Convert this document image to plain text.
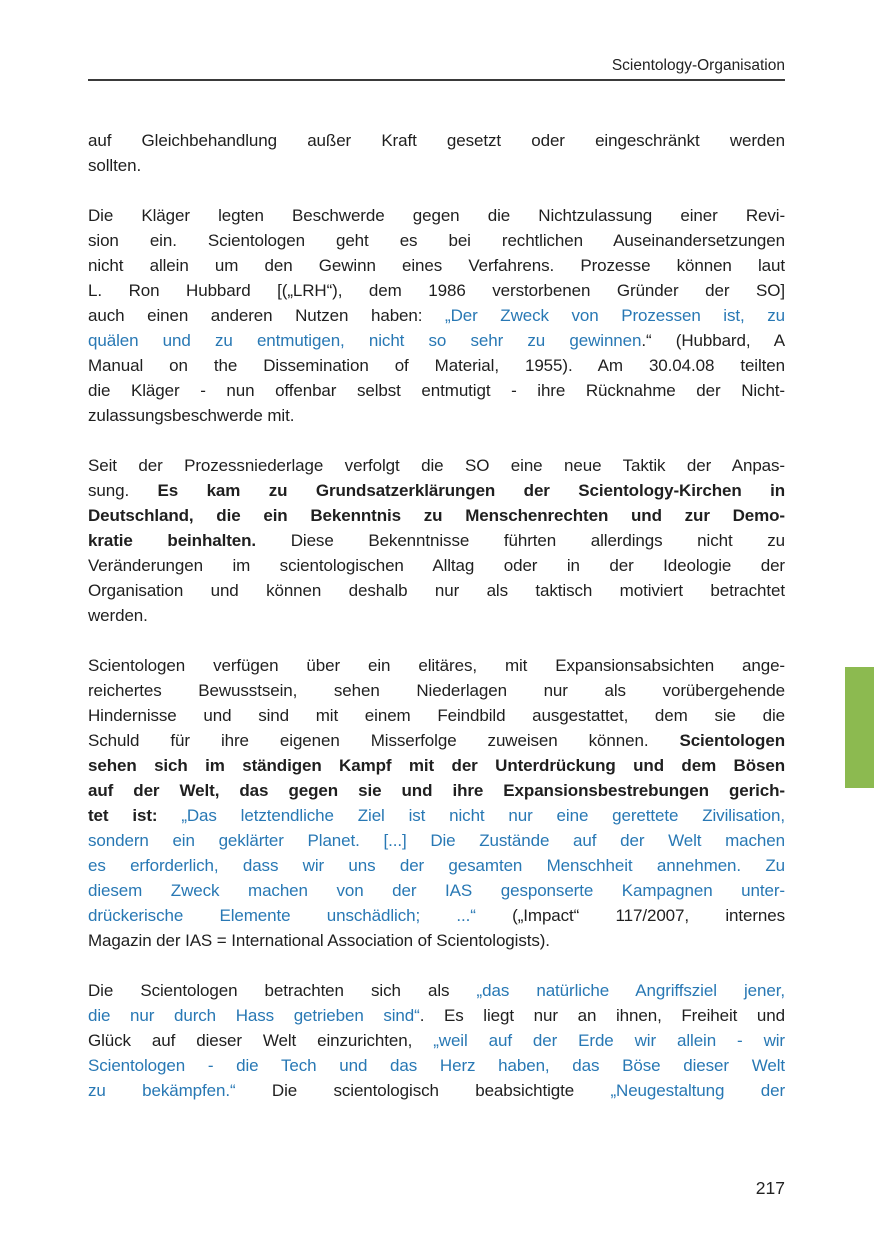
Scientology-Organisation
auf Gleichbehandlung außer Kraft gesetzt oder eingeschränkt werden
sollten.
Die Kläger legten Beschwerde gegen die Nichtzulassung einer Revi-
sion ein. Scientologen geht es bei rechtlichen Auseinandersetzungen
nicht allein um den Gewinn eines Verfahrens. Prozesse können laut
L. Ron Hubbard [(„LRH“), dem 1986 verstorbenen Gründer der SO]
auch einen anderen Nutzen haben: „Der Zweck von Prozessen ist, zu
quälen und zu entmutigen, nicht so sehr zu gewinnen.“ (Hubbard, A
Manual on the Dissemination of Material, 1955). Am 30.04.08 teilten
die Kläger - nun offenbar selbst entmutigt - ihre Rücknahme der Nicht-
zulassungsbeschwerde mit.
Seit der Prozessniederlage verfolgt die SO eine neue Taktik der Anpas-
sung. Es kam zu Grundsatzerklärungen der Scientology-Kirchen in
Deutschland, die ein Bekenntnis zu Menschenrechten und zur Demo-
kratie beinhalten. Diese Bekenntnisse führten allerdings nicht zu
Veränderungen im scientologischen Alltag oder in der Ideologie der
Organisation und können deshalb nur als taktisch motiviert betrachtet
werden.
Scientologen verfügen über ein elitäres, mit Expansionsabsichten ange-
reichertes Bewusstsein, sehen Niederlagen nur als vorübergehende
Hindernisse und sind mit einem Feindbild ausgestattet, dem sie die
Schuld für ihre eigenen Misserfolge zuweisen können. Scientologen
sehen sich im ständigen Kampf mit der Unterdrückung und dem Bösen
auf der Welt, das gegen sie und ihre Expansionsbestrebungen gerich-
tet ist: „Das letztendliche Ziel ist nicht nur eine gerettete Zivilisation,
sondern ein geklärter Planet. [...] Die Zustände auf der Welt machen
es erforderlich, dass wir uns der gesamten Menschheit annehmen. Zu
diesem Zweck machen von der IAS gesponserte Kampagnen unter-
drückerische Elemente unschädlich; ...“ („Impact“ 117/2007, internes
Magazin der IAS = International Association of Scientologists).
Die Scientologen betrachten sich als „das natürliche Angriffsziel jener,
die nur durch Hass getrieben sind“. Es liegt nur an ihnen, Freiheit und
Glück auf dieser Welt einzurichten, „weil auf der Erde wir allein - wir
Scientologen - die Tech und das Herz haben, das Böse dieser Welt
zu bekämpfen.“ Die scientologisch beabsichtigte „Neugestaltung der
217
